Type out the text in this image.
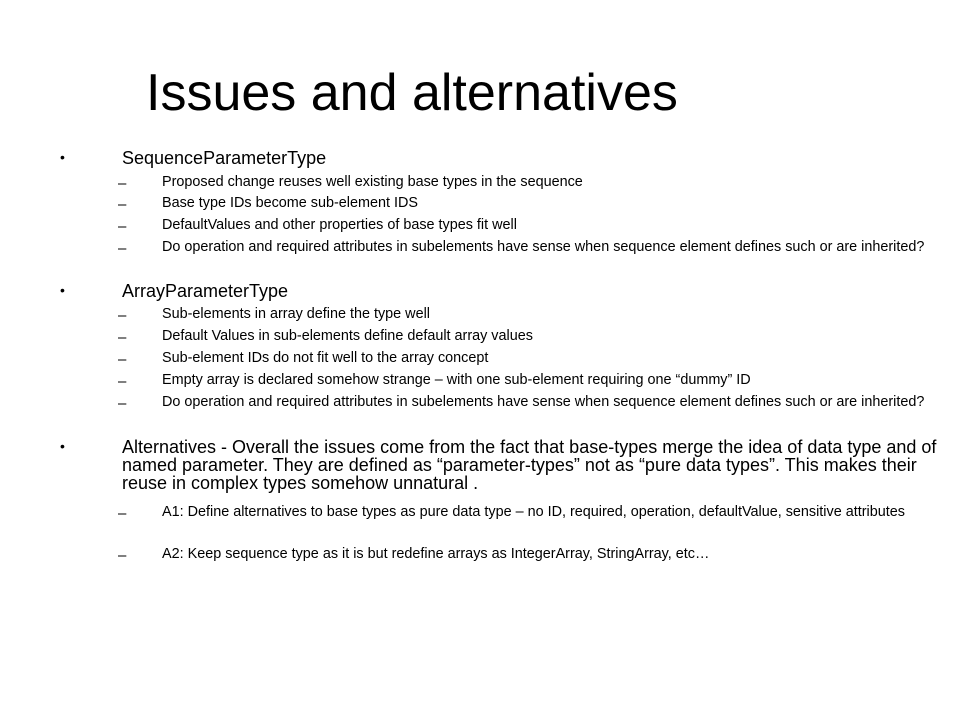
Issues and alternatives
•	SequenceParameterType
– Proposed change reuses well existing base types in the sequence
– Base type IDs become sub-element IDS
– DefaultValues and other properties of base types fit well
– Do operation and required attributes in subelements have sense when sequence element defines such or are inherited?
•	ArrayParameterType
– Sub-elements in array define the type well
– Default Values in sub-elements define default array values
– Sub-element IDs do not fit well to the array concept
– Empty array is declared somehow strange – with one sub-element requiring one “dummy” ID
– Do operation and required attributes in subelements have sense when sequence element defines such or are inherited?
•	Alternatives - Overall the issues come from the fact that base-types merge the idea of data type and of named parameter. They are defined as “parameter-types” not as “pure data types”. This makes their reuse in complex types somehow unnatural .
– A1: Define alternatives to base types as pure data type – no ID, required, operation, defaultValue, sensitive attributes
– A2: Keep sequence type as it is but redefine arrays as IntegerArray, StringArray, etc…
